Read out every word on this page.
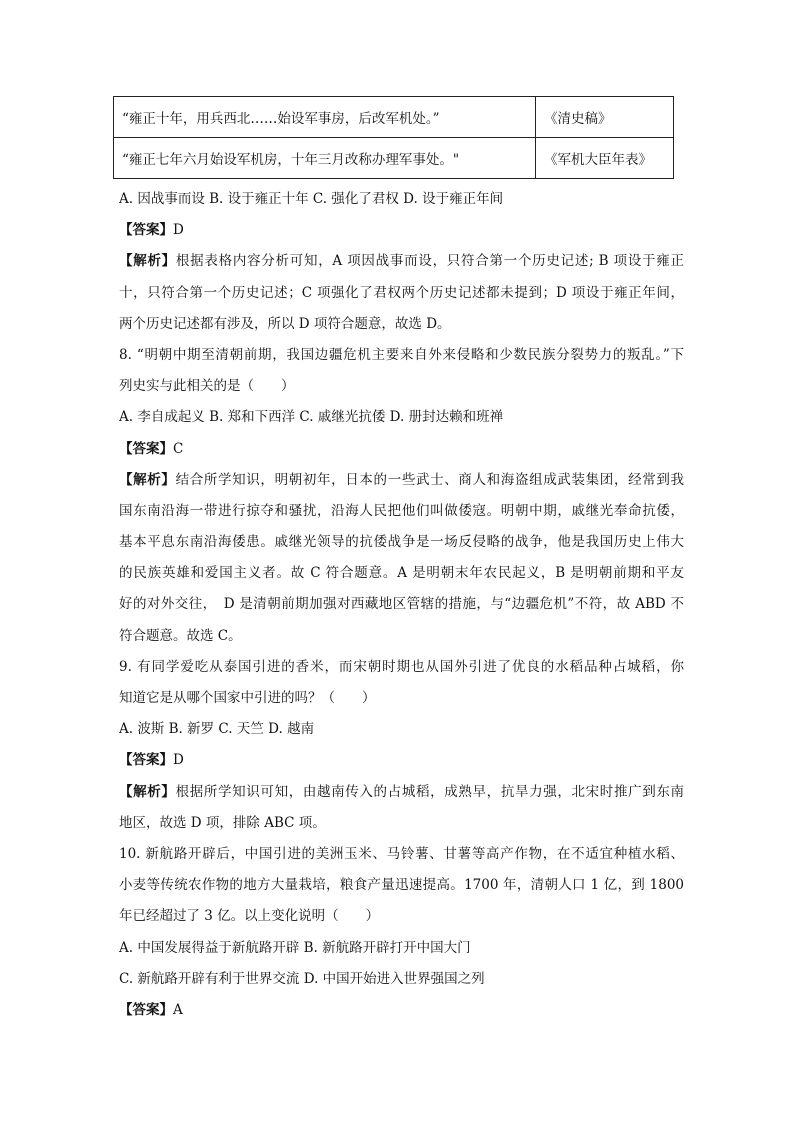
“雍正十年，用兵西北……始设军事房，后改军机处。”	《清史稿》
“雍正七年六月始设军机房，十年三月改称办理军事处。"	《军机大臣年表》
A. 因战事而设 B. 设于雍正十年 C. 强化了君权 D. 设于雍正年间
【答案】D
【解析】根据表格内容分析可知，A 项因战事而设，只符合第一个历史记述; B 项设于雍正
十，只符合第一个历史记述；C 项强化了君权两个历史记述都未提到；D 项设于雍正年间，
两个历史记述都有涉及，所以 D 项符合题意，故选 D。
8. “明朝中期至清朝前期，我国边疆危机主要来自外来侵略和少数民族分裂势力的叛乱。”下
列史实与此相关的是（　　）
A. 李自成起义 B. 郑和下西洋 C. 戚继光抗倭 D. 册封达赖和班禅
【答案】C
【解析】结合所学知识，明朝初年，日本的一些武士、商人和海盗组成武装集团，经常到我
国东南沿海一带进行掠夺和骚扰，沿海人民把他们叫做倭寇。明朝中期，戚继光奉命抗倭，
基本平息东南沿海倭患。戚继光领导的抗倭战争是一场反侵略的战争，他是我国历史上伟大
的民族英雄和爱国主义者。故 C 符合题意。A 是明朝末年农民起义，B 是明朝前期和平友
好的对外交往，　D 是清朝前期加强对西藏地区管辖的措施，与“边疆危机”不符，故 ABD 不
符合题意。故选 C。
9. 有同学爱吃从泰国引进的香米，而宋朝时期也从国外引进了优良的水稻品种占城稻，你
知道它是从哪个国家中引进的吗？（　　）
A. 波斯 B. 新罗 C. 天竺 D. 越南
【答案】D
【解析】根据所学知识可知，由越南传入的占城稻，成熟早，抗旱力强，北宋时推广到东南
地区，故选 D 项，排除 ABC 项。
10. 新航路开辟后，中国引进的美洲玉米、马铃薯、甘薯等高产作物，在不适宜种植水稻、
小麦等传统农作物的地方大量栽培，粮食产量迅速提高。1700 年，清朝人口 1 亿，到 1800
年已经超过了 3 亿。以上变化说明（　　）
A. 中国发展得益于新航路开辟 B. 新航路开辟打开中国大门
C. 新航路开辟有利于世界交流 D. 中国开始进入世界强国之列
【答案】A
